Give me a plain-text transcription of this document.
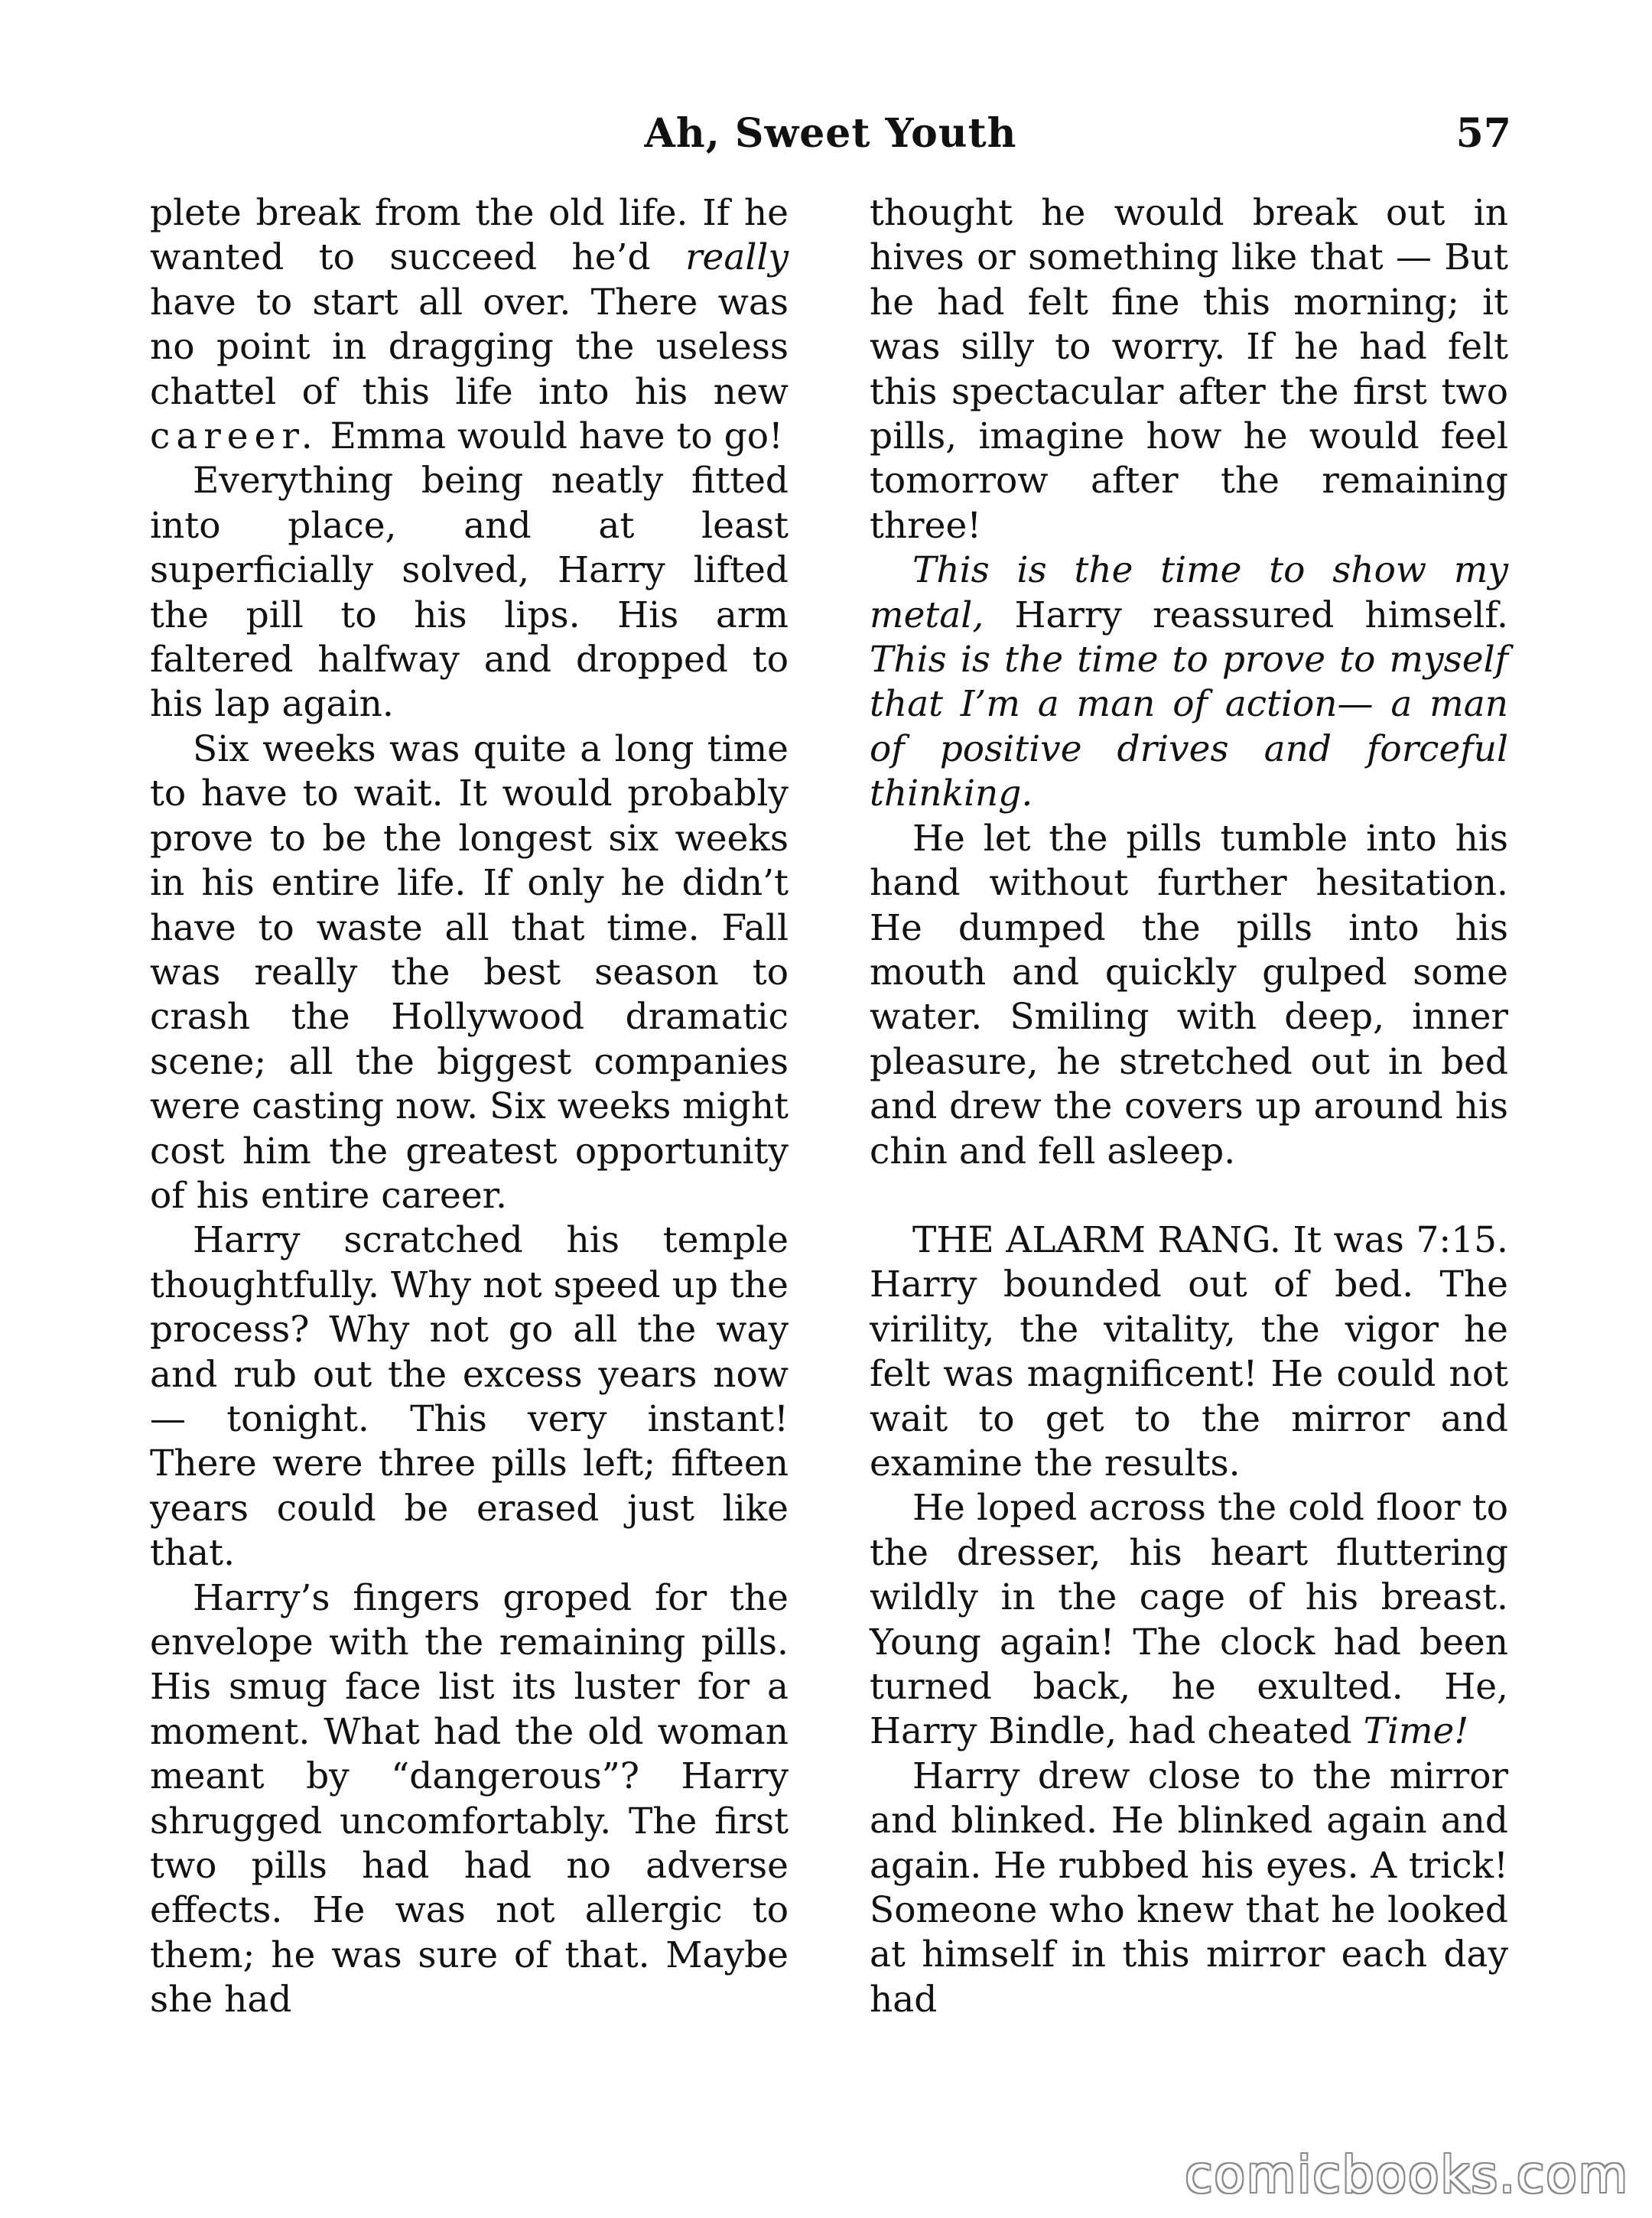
Ah, Sweet Youth	57

plete break from the old life. If he wanted to succeed he’d really have to start all over. There was no point in dragging the useless chattel of this life into his new career. Emma would have to go!

Everything being neatly fitted into place, and at least superficially solved, Harry lifted the pill to his lips. His arm faltered halfway and dropped to his lap again.

Six weeks was quite a long time to have to wait. It would probably prove to be the longest six weeks in his entire life. If only he didn’t have to waste all that time. Fall was really the best season to crash the Hollywood dramatic scene; all the biggest companies were casting now. Six weeks might cost him the greatest opportunity of his entire career.

Harry scratched his temple thoughtfully. Why not speed up the process? Why not go all the way and rub out the excess years now — tonight. This very instant! There were three pills left; fifteen years could be erased just like that.

Harry’s fingers groped for the envelope with the remaining pills. His smug face list its luster for a moment. What had the old woman meant by “dangerous”? Harry shrugged uncomfortably. The first two pills had had no adverse effects. He was not allergic to them; he was sure of that. Maybe she had

thought he would break out in hives or something like that — But he had felt fine this morning; it was silly to worry. If he had felt this spectacular after the first two pills, imagine how he would feel tomorrow after the remaining three!

This is the time to show my metal, Harry reassured himself. This is the time to prove to myself that I’m a man of action— a man of positive drives and forceful thinking.

He let the pills tumble into his hand without further hesitation. He dumped the pills into his mouth and quickly gulped some water. Smiling with deep, inner pleasure, he stretched out in bed and drew the covers up around his chin and fell asleep.

THE ALARM RANG. It was 7:15. Harry bounded out of bed. The virility, the vitality, the vigor he felt was magnificent! He could not wait to get to the mirror and examine the results.

He loped across the cold floor to the dresser, his heart fluttering wildly in the cage of his breast. Young again! The clock had been turned back, he exulted. He, Harry Bindle, had cheated Time!

Harry drew close to the mirror and blinked. He blinked again and again. He rubbed his eyes. A trick! Someone who knew that he looked at himself in this mirror each day had

comicbooks.com
